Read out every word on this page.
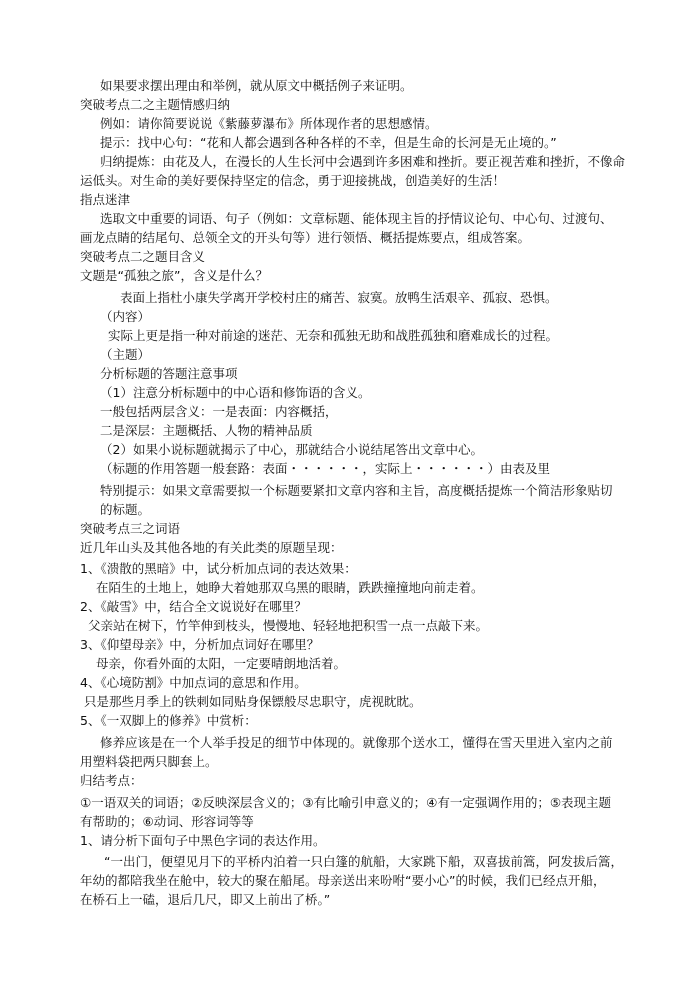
如果要求摆出理由和举例，就从原文中概括例子来证明。
突破考点二之主题情感归纳
例如：请你简要说说《紫藤萝瀑布》所体现作者的思想感情。
提示：找中心句：“花和人都会遇到各种各样的不幸，但是生命的长河是无止境的。”
归纳提炼：由花及人，在漫长的人生长河中会遇到许多困难和挫折。要正视苦难和挫折，不像命
运低头。对生命的美好要保持坚定的信念，勇于迎接挑战，创造美好的生活！
指点迷津
选取文中重要的词语、句子（例如：文章标题、能体现主旨的抒情议论句、中心句、过渡句、
画龙点睛的结尾句、总领全文的开头句等）进行领悟、概括提炼要点，组成答案。
突破考点二之题目含义
文题是“孤独之旅”，含义是什么？
表面上指杜小康失学离开学校村庄的痛苦、寂寞。放鸭生活艰辛、孤寂、恐惧。
（内容）
实际上更是指一种对前途的迷茫、无奈和孤独无助和战胜孤独和磨难成长的过程。
（主题）
分析标题的答题注意事项
（1）注意分析标题中的中心语和修饰语的含义。
一般包括两层含义：一是表面：内容概括，
二是深层：主题概括、人物的精神品质
（2）如果小说标题就揭示了中心，那就结合小说结尾答出文章中心。
（标题的作用答题一般套路：表面・・・・・・，实际上・・・・・・）由表及里
特别提示：如果文章需要拟一个标题要紧扣文章内容和主旨，高度概括提炼一个简洁形象贴切
的标题。
突破考点三之词语
近几年山头及其他各地的有关此类的原题呈现：
1、《溃散的黑暗》中，试分析加点词的表达效果：
在陌生的土地上，她睁大着她那双乌黑的眼睛，跌跌撞撞地向前走着。
2、《敲雪》中，结合全文说说好在哪里？
父亲站在树下，竹竿伸到枝头，慢慢地、轻轻地把积雪一点一点敲下来。
3、《仰望母亲》中，分析加点词好在哪里？
母亲，你看外面的太阳，一定要晴朗地活着。
4、《心境防割》中加点词的意思和作用。
只是那些月季上的铁刺如同贴身保镖般尽忠职守，虎视眈眈。
5、《一双脚上的修养》中赏析：
修养应该是在一个人举手投足的细节中体现的。就像那个送水工，懂得在雪天里进入室内之前
用塑料袋把两只脚套上。
归结考点：
①一语双关的词语；②反映深层含义的；③有比喻引申意义的；④有一定强调作用的；⑤表现主题
有帮助的；⑥动词、形容词等等
1、请分析下面句子中黑色字词的表达作用。
“一出门，便望见月下的平桥内泊着一只白篷的航船，大家跳下船，双喜拔前篙，阿发拔后篙，
年幼的都陪我坐在舱中，较大的聚在船尾。母亲送出来吩咐“要小心”的时候，我们已经点开船，
在桥石上一磕，退后几尺，即又上前出了桥。”
